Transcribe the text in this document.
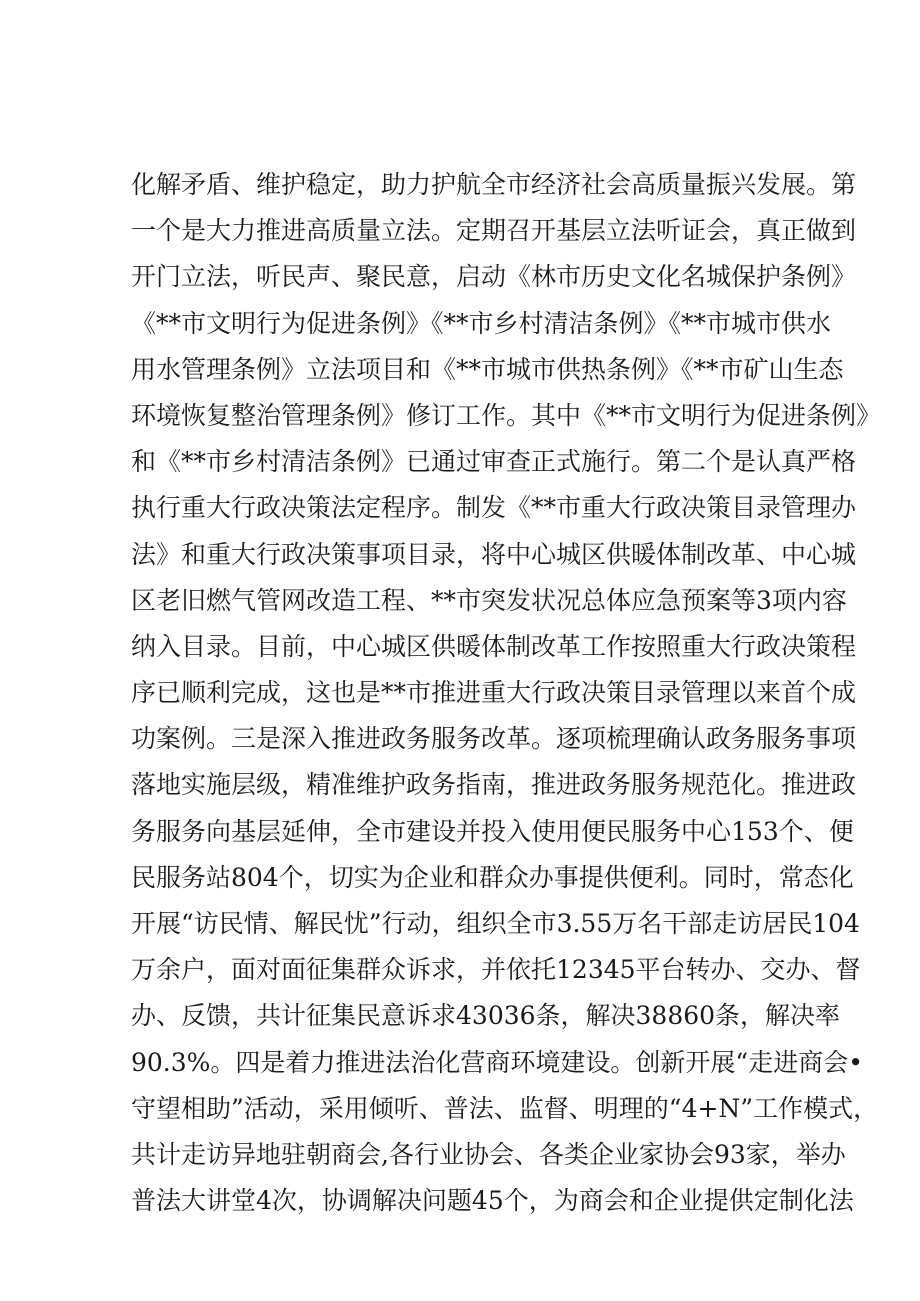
化解矛盾、维护稳定，助力护航全市经济社会高质量振兴发展。第
一个是大力推进高质量立法。定期召开基层立法听证会，真正做到
开门立法，听民声、聚民意，启动《林市历史文化名城保护条例》
《**市文明行为促进条例》《**市乡村清洁条例》《**市城市供水
用水管理条例》立法项目和《**市城市供热条例》《**市矿山生态
环境恢复整治管理条例》修订工作。其中《**市文明行为促进条例》
和《**市乡村清洁条例》已通过审查正式施行。第二个是认真严格
执行重大行政决策法定程序。制发《**市重大行政决策目录管理办
法》和重大行政决策事项目录，将中心城区供暖体制改革、中心城
区老旧燃气管网改造工程、**市突发状况总体应急预案等3项内容
纳入目录。目前，中心城区供暖体制改革工作按照重大行政决策程
序已顺利完成，这也是**市推进重大行政决策目录管理以来首个成
功案例。三是深入推进政务服务改革。逐项梳理确认政务服务事项
落地实施层级，精准维护政务指南，推进政务服务规范化。推进政
务服务向基层延伸，全市建设并投入使用便民服务中心153个、便
民服务站804个，切实为企业和群众办事提供便利。同时，常态化
开展“访民情、解民忧”行动，组织全市3.55万名干部走访居民104
万余户，面对面征集群众诉求，并依托12345平台转办、交办、督
办、反馈，共计征集民意诉求43036条，解决38860条，解决率
90.3%。四是着力推进法治化营商环境建设。创新开展“走进商会•
守望相助”活动，采用倾听、普法、监督、明理的“4+N”工作模式，
共计走访异地驻朝商会,各行业协会、各类企业家协会93家，举办
普法大讲堂4次，协调解决问题45个，为商会和企业提供定制化法
